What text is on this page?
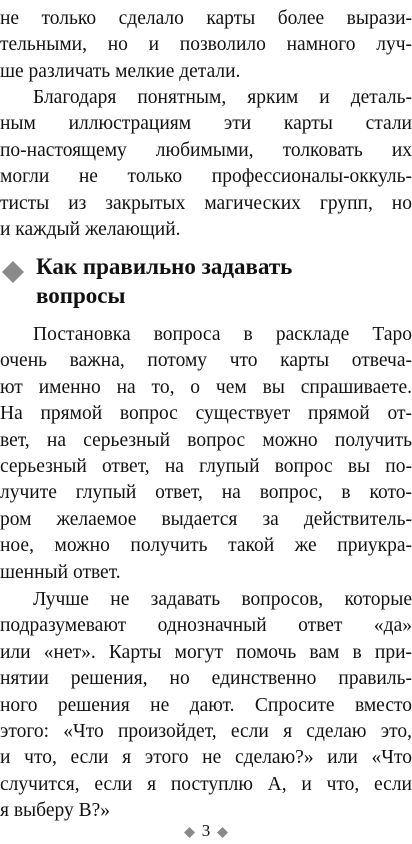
не только сделало карты более вырази-
тельными, но и позволило намного луч-
ше различать мелкие детали.

Благодаря понятным, ярким и деталь-
ным иллюстрациям эти карты стали
по-настоящему любимыми, толковать их
могли не только профессионалы-оккуль-
тисты из закрытых магических групп, но
и каждый желающий.

Как правильно задавать
вопросы

Постановка вопроса в раскладе Таро
очень важна, потому что карты отвеча-
ют именно на то, о чем вы спрашиваете.
На прямой вопрос существует прямой от-
вет, на серьезный вопрос можно получить
серьезный ответ, на глупый вопрос вы по-
лучите глупый ответ, на вопрос, в кото-
ром желаемое выдается за действитель-
ное, можно получить такой же приукра-
шенный ответ.

Лучше не задавать вопросов, которые
подразумевают однозначный ответ «да»
или «нет». Карты могут помочь вам в при-
нятии решения, но единственно правиль-
ного решения не дают. Спросите вместо
этого: «Что произойдет, если я сделаю это,
и что, если я этого не сделаю?» или «Что
случится, если я поступлю А, и что, если
я выберу В?»

3
